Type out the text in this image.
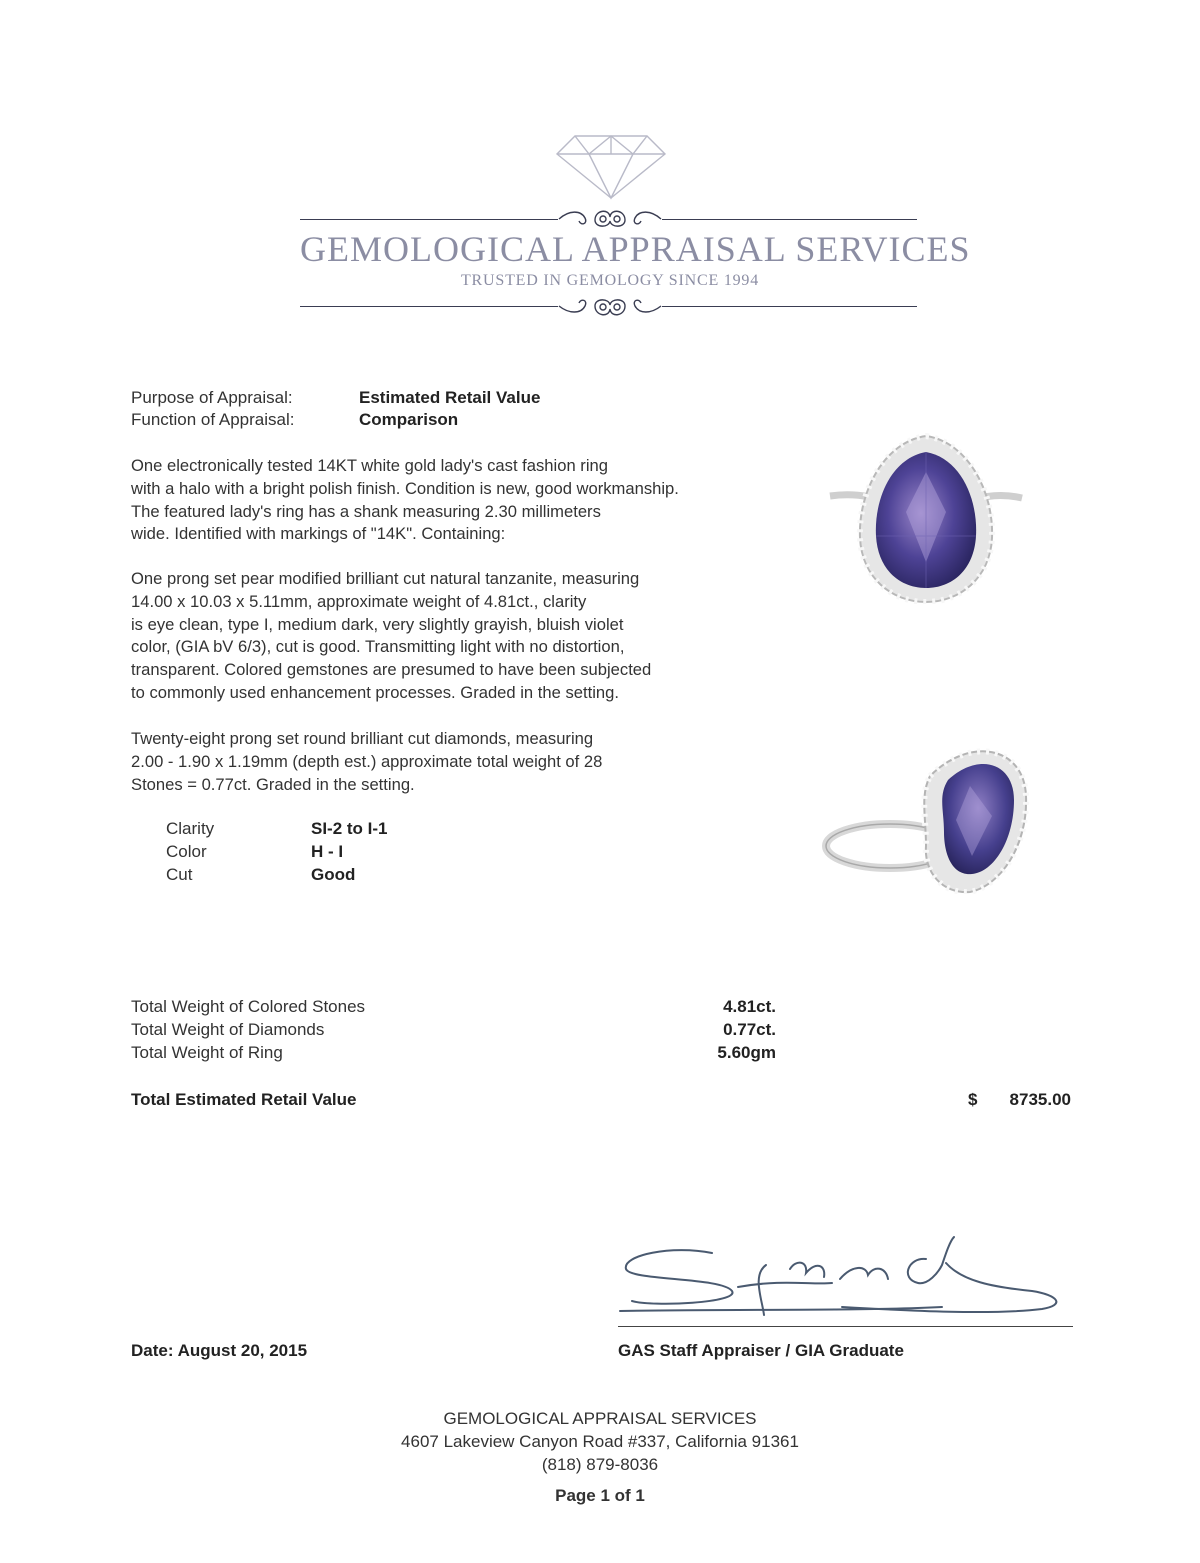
GEMOLOGICAL APPRAISAL SERVICES
TRUSTED IN GEMOLOGY SINCE 1994
Purpose of Appraisal:	Estimated Retail Value
Function of Appraisal:	Comparison
One electronically tested 14KT white gold lady's cast fashion ring
with a halo with a bright polish finish. Condition is new, good workmanship.
The featured lady's ring has a shank measuring 2.30 millimeters
wide. Identified with markings of "14K". Containing:
One prong set pear modified brilliant cut natural tanzanite, measuring
14.00 x 10.03 x 5.11mm, approximate weight of 4.81ct., clarity
is eye clean, type I, medium dark, very slightly grayish, bluish violet
color, (GIA bV 6/3), cut is good. Transmitting light with no distortion,
transparent. Colored gemstones are presumed to have been subjected
to commonly used enhancement processes. Graded in the setting.
Twenty-eight prong set round brilliant cut diamonds, measuring
2.00 - 1.90 x 1.19mm (depth est.) approximate total weight of 28
Stones = 0.77ct. Graded in the setting.
Clarity	SI-2 to I-1
Color	H - I
Cut	Good
Total Weight of Colored Stones	4.81ct.
Total Weight of Diamonds	0.77ct.
Total Weight of Ring	5.60gm
Total Estimated Retail Value	$	8735.00
Date: August 20, 2015	GAS Staff Appraiser / GIA Graduate
GEMOLOGICAL APPRAISAL SERVICES
4607 Lakeview Canyon Road #337, California 91361
(818) 879-8036
Page 1 of 1
